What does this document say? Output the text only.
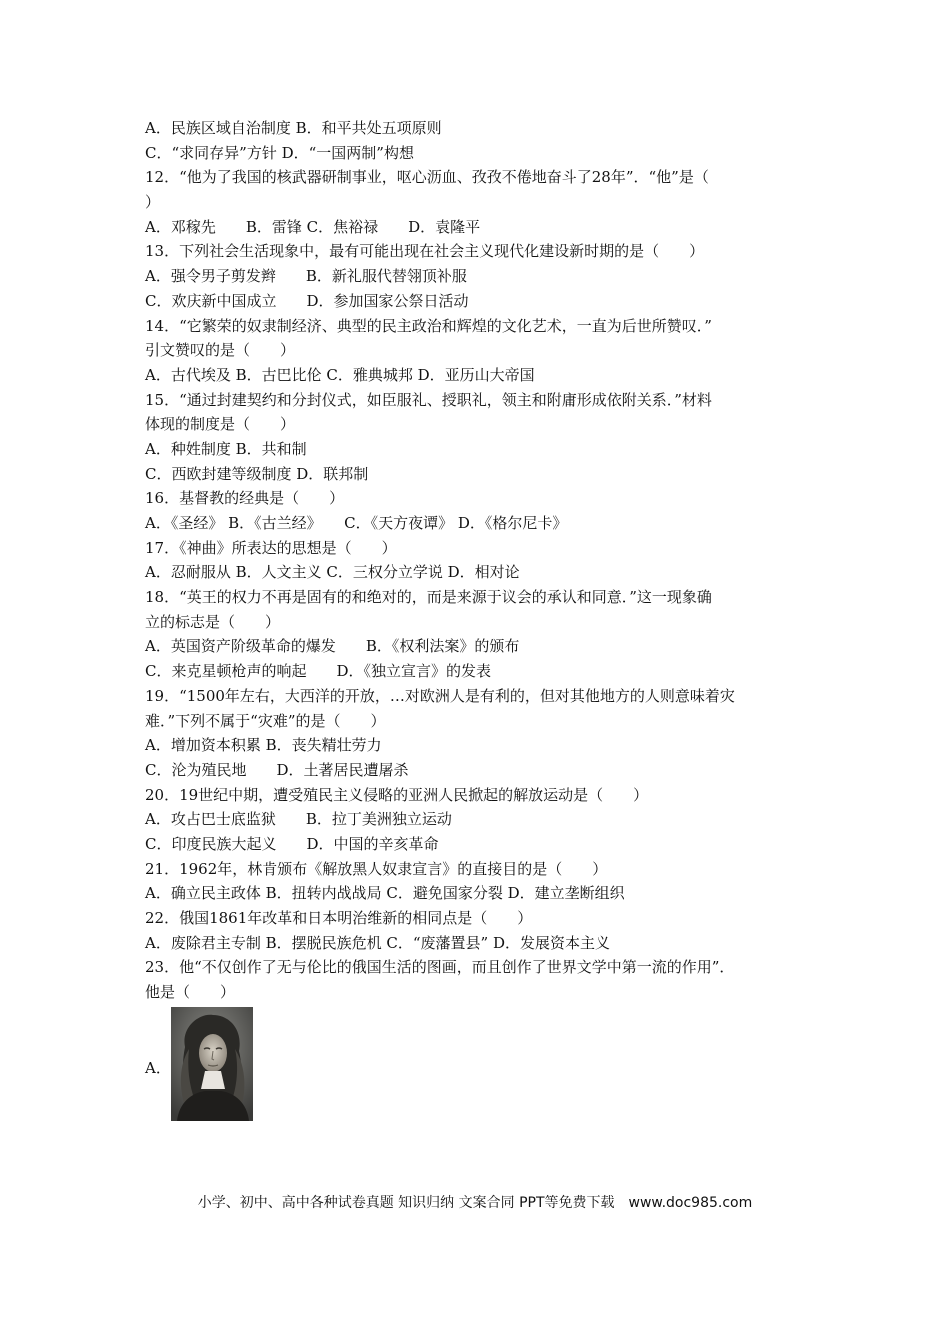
A．民族区域自治制度 B．和平共处五项原则
C．“求同存异”方针 D．“一国两制”构想
12．“他为了我国的核武器研制事业，呕心沥血、孜孜不倦地奋斗了28年”．“他”是（
）
A．邓稼先　　B．雷锋 C．焦裕禄　　D．袁隆平
13．下列社会生活现象中，最有可能出现在社会主义现代化建设新时期的是（　　）
A．强令男子剪发辫　　B．新礼服代替翎顶补服
C．欢庆新中国成立　　D．参加国家公祭日活动
14．“它繁荣的奴隶制经济、典型的民主政治和辉煌的文化艺术，一直为后世所赞叹．”
引文赞叹的是（　　）
A．古代埃及 B．古巴比伦 C．雅典城邦 D．亚历山大帝国
15．“通过封建契约和分封仪式，如臣服礼、授职礼，领主和附庸形成依附关系．”材料
体现的制度是（　　）
A．种姓制度 B．共和制
C．西欧封建等级制度 D．联邦制
16．基督教的经典是（　　）
A．《圣经》 B．《古兰经》　　C．《天方夜谭》 D．《格尔尼卡》
17．《神曲》所表达的思想是（　　）
A．忍耐服从 B．人文主义 C．三权分立学说 D．相对论
18．“英王的权力不再是固有的和绝对的，而是来源于议会的承认和同意．”这一现象确
立的标志是（　　）
A．英国资产阶级革命的爆发　　B．《权利法案》的颁布
C．来克星顿枪声的响起　　D．《独立宣言》的发表
19．“1500年左右，大西洋的开放，…对欧洲人是有利的，但对其他地方的人则意味着灾
难．”下列不属于“灾难”的是（　　）
A．增加资本积累 B．丧失精壮劳力
C．沦为殖民地　　D．土著居民遭屠杀
20．19世纪中期，遭受殖民主义侵略的亚洲人民掀起的解放运动是（　　）
A．攻占巴士底监狱　　B．拉丁美洲独立运动
C．印度民族大起义　　D．中国的辛亥革命
21．1962年，林肯颁布《解放黑人奴隶宣言》的直接目的是（　　）
A．确立民主政体 B．扭转内战战局 C．避免国家分裂 D．建立垄断组织
22．俄国1861年改革和日本明治维新的相同点是（　　）
A．废除君主专制 B．摆脱民族危机 C．“废藩置县” D．发展资本主义
23．他“不仅创作了无与伦比的俄国生活的图画，而且创作了世界文学中第一流的作用”．
他是（　　）
A．
小学、初中、高中各种试卷真题 知识归纳 文案合同 PPT等免费下载　www.doc985.com
